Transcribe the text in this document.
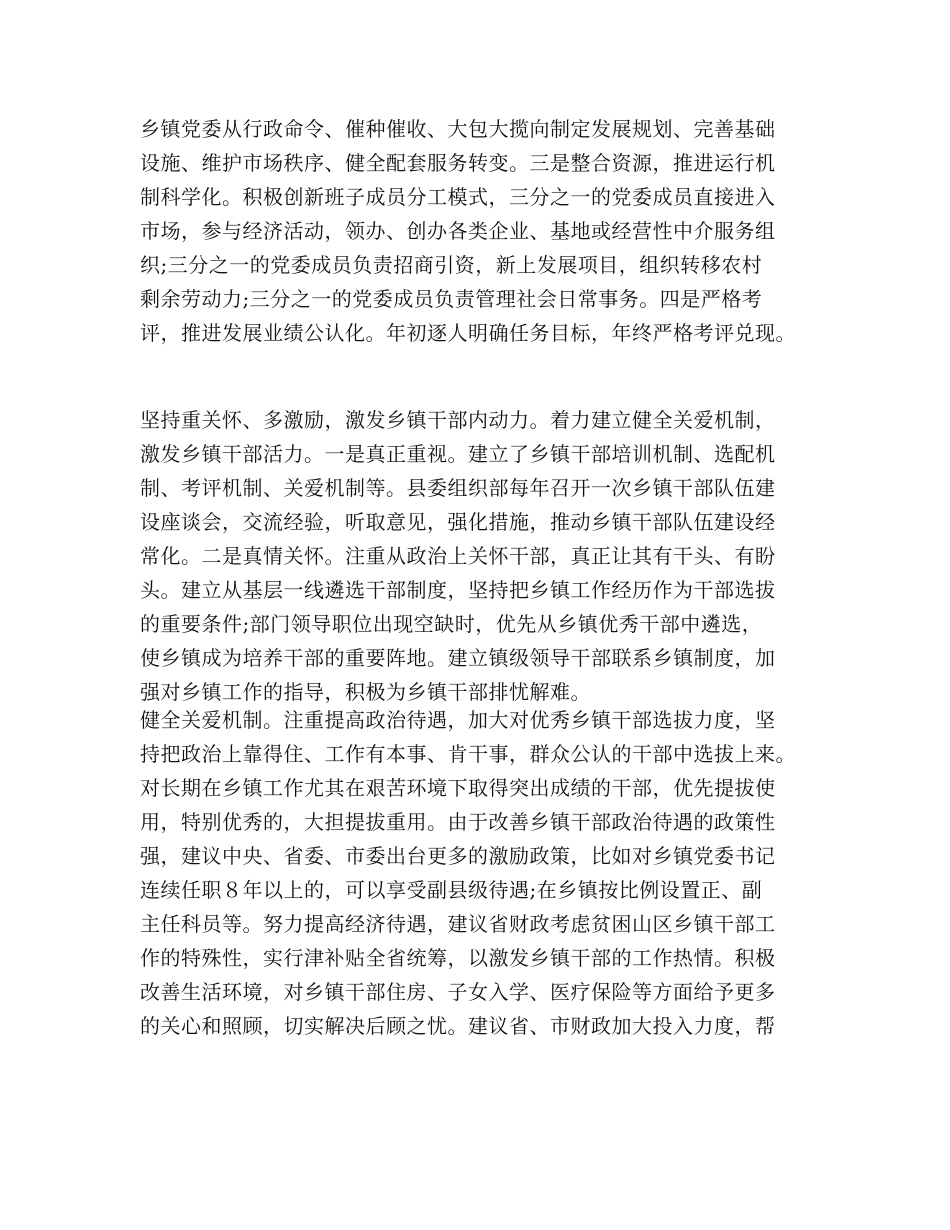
乡镇党委从行政命令、催种催收、大包大揽向制定发展规划、完善基础
设施、维护市场秩序、健全配套服务转变。三是整合资源，推进运行机
制科学化。积极创新班子成员分工模式，三分之一的党委成员直接进入
市场，参与经济活动，领办、创办各类企业、基地或经营性中介服务组
织;三分之一的党委成员负责招商引资，新上发展项目，组织转移农村
剩余劳动力;三分之一的党委成员负责管理社会日常事务。四是严格考
评，推进发展业绩公认化。年初逐人明确任务目标，年终严格考评兑现。
坚持重关怀、多激励，激发乡镇干部内动力。着力建立健全关爱机制，
激发乡镇干部活力。一是真正重视。建立了乡镇干部培训机制、选配机
制、考评机制、关爱机制等。县委组织部每年召开一次乡镇干部队伍建
设座谈会，交流经验，听取意见，强化措施，推动乡镇干部队伍建设经
常化。二是真情关怀。注重从政治上关怀干部，真正让其有干头、有盼
头。建立从基层一线遴选干部制度，坚持把乡镇工作经历作为干部选拔
的重要条件;部门领导职位出现空缺时，优先从乡镇优秀干部中遴选，
使乡镇成为培养干部的重要阵地。建立镇级领导干部联系乡镇制度，加
强对乡镇工作的指导，积极为乡镇干部排忧解难。
健全关爱机制。注重提高政治待遇，加大对优秀乡镇干部选拔力度，坚
持把政治上靠得住、工作有本事、肯干事，群众公认的干部中选拔上来。
对长期在乡镇工作尤其在艰苦环境下取得突出成绩的干部，优先提拔使
用，特别优秀的，大担提拔重用。由于改善乡镇干部政治待遇的政策性
强，建议中央、省委、市委出台更多的激励政策，比如对乡镇党委书记
连续任职８年以上的，可以享受副县级待遇;在乡镇按比例设置正、副
主任科员等。努力提高经济待遇，建议省财政考虑贫困山区乡镇干部工
作的特殊性，实行津补贴全省统筹，以激发乡镇干部的工作热情。积极
改善生活环境，对乡镇干部住房、子女入学、医疗保险等方面给予更多
的关心和照顾，切实解决后顾之忧。建议省、市财政加大投入力度，帮
